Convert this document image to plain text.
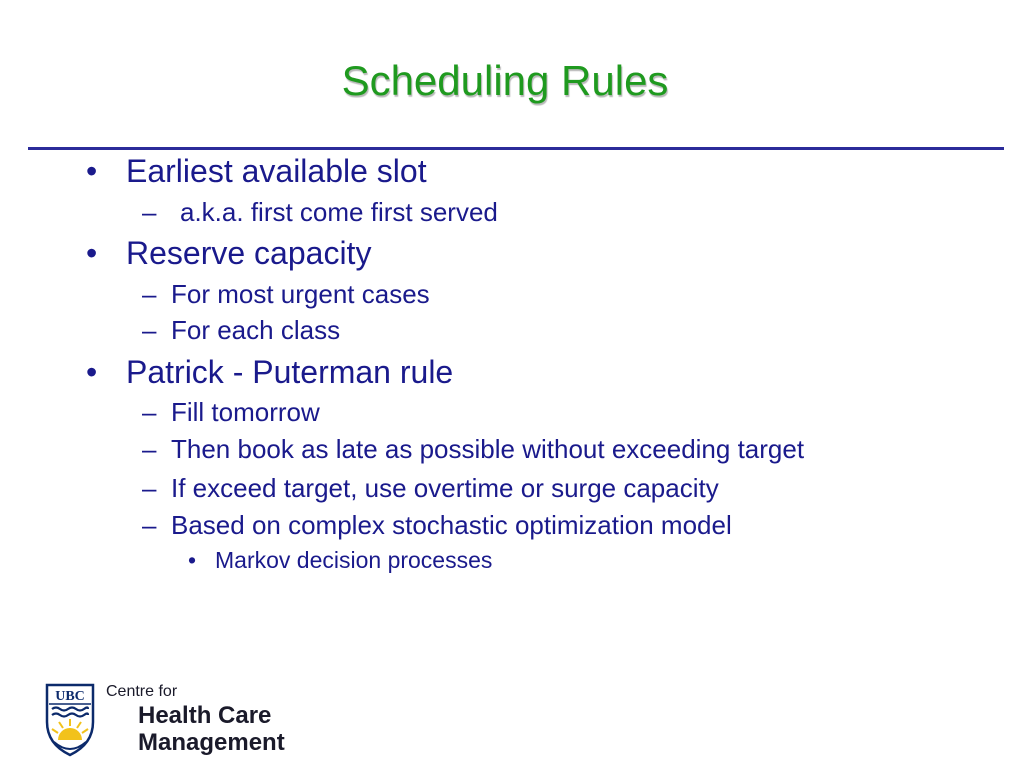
Scheduling Rules
• Earliest available slot
– a.k.a. first come first served
• Reserve capacity
– For most urgent cases
– For each class
• Patrick - Puterman rule
– Fill tomorrow
– Then book as late as possible without exceeding target
– If exceed target, use overtime or surge capacity
– Based on complex stochastic optimization model
• Markov decision processes
UBC Centre for
Health Care
Management
